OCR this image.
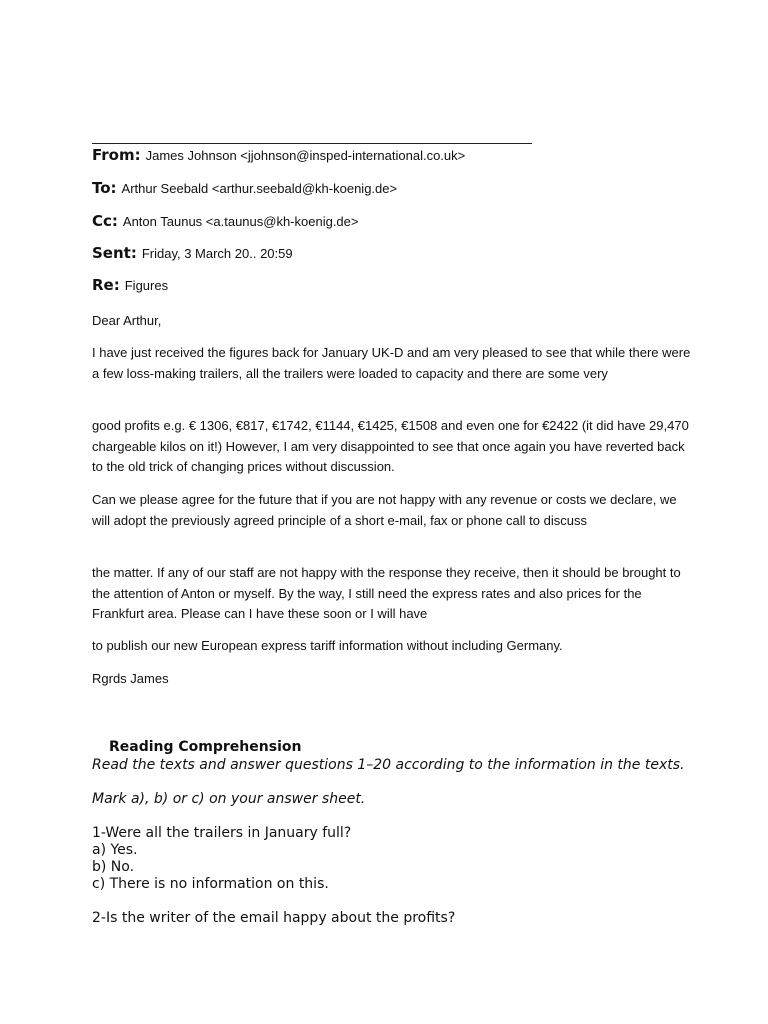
From: James Johnson <jjohnson@insped-international.co.uk>
To: Arthur Seebald <arthur.seebald@kh-koenig.de>
Cc: Anton Taunus <a.taunus@kh-koenig.de>
Sent: Friday, 3 March 20.. 20:59
Re: Figures
Dear Arthur,
I have just received the figures back for January UK-D and am very pleased to see that while there were a few loss-making trailers, all the trailers were loaded to capacity and there are some very
good profits e.g. € 1306, €817, €1742, €1144, €1425, €1508 and even one for €2422 (it did have 29,470 chargeable kilos on it!) However, I am very disappointed to see that once again you have reverted back to the old trick of changing prices without discussion.
Can we please agree for the future that if you are not happy with any revenue or costs we declare, we will adopt the previously agreed principle of a short e-mail, fax or phone call to discuss
the matter. If any of our staff are not happy with the response they receive, then it should be brought to the attention of Anton or myself. By the way, I still need the express rates and also prices for the Frankfurt area. Please can I have these soon or I will have
to publish our new European express tariff information without including Germany.
Rgrds James
Reading Comprehension
Read the texts and answer questions 1–20 according to the information in the texts.
Mark a), b) or c) on your answer sheet.
1-Were all the trailers in January full?
a) Yes.
b) No.
c) There is no information on this.
2-Is the writer of the email happy about the profits?
